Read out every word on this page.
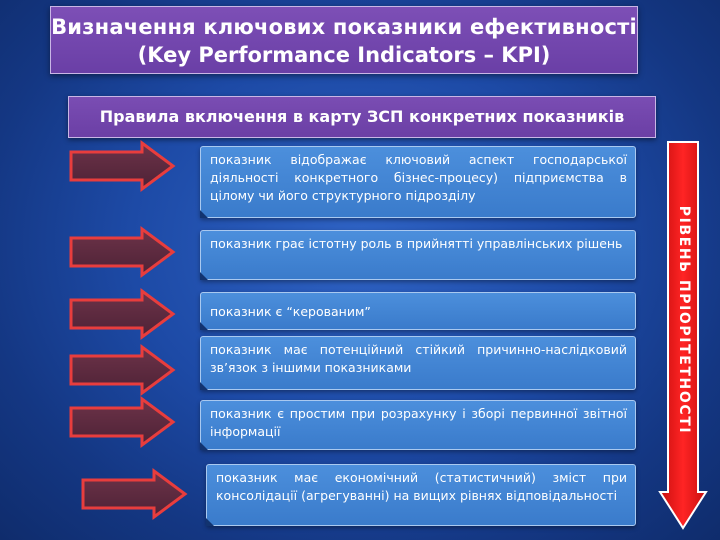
Визначення ключових показники ефективності
(Key Performance Indicators – KPI)
Правила включення в карту ЗСП конкретних показників
показник відображає ключовий аспект господарської діяльності конкретного бізнес-процесу) підприємства в цілому чи його структурного підрозділу
показник грає істотну роль в прийнятті управлінських рішень
показник є “керованим”
показник має потенційний стійкий причинно-наслідковий зв’язок з іншими показниками
показник є простим при розрахунку і зборі первинної звітної інформації
показник має економічний (статистичний) зміст при консолідації (агрегуванні) на вищих рівнях відповідальності
РІВЕНЬ ПРІОРІТЕТНОСТІ
